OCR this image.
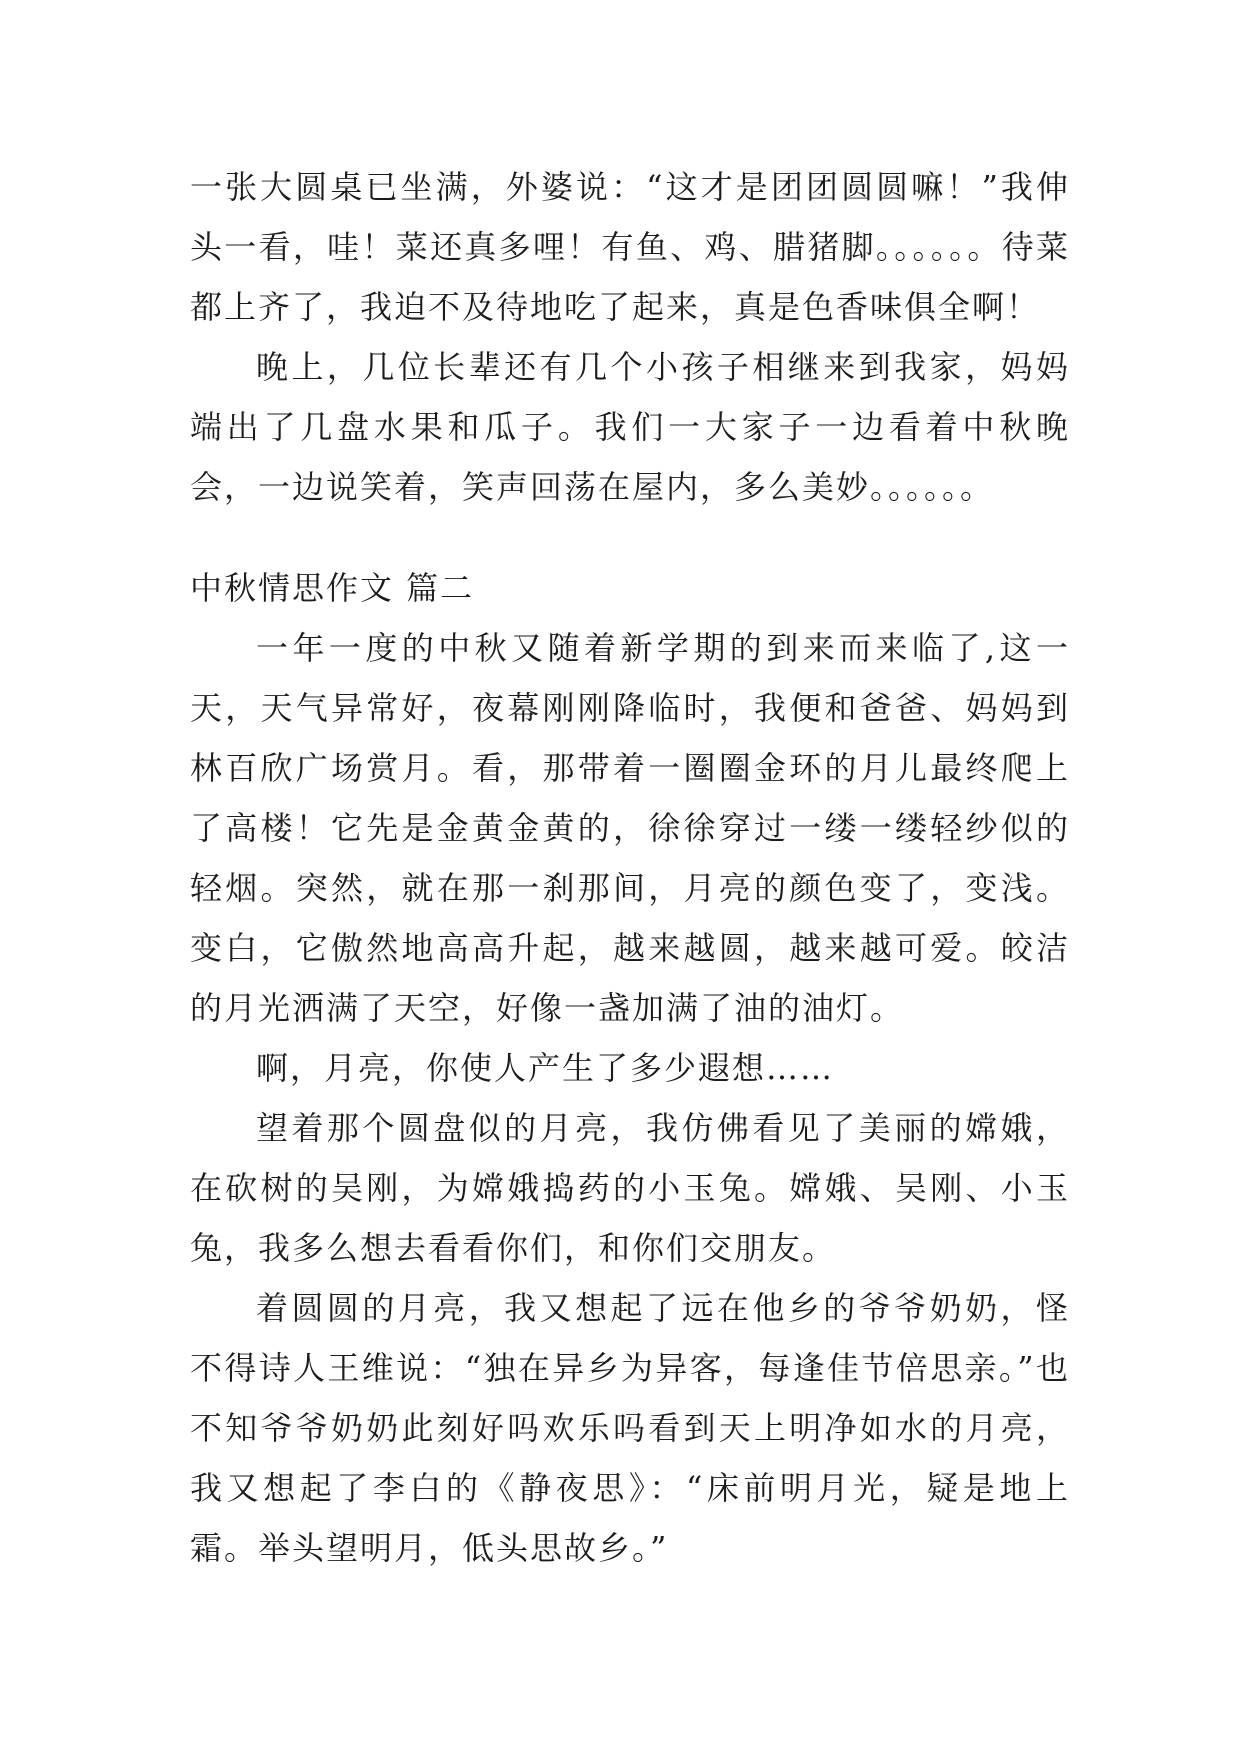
一张大圆桌已坐满，外婆说：“这才是团团圆圆嘛！”我伸头一看，哇！菜还真多哩！有鱼、鸡、腊猪脚。。。。。。待菜都上齐了，我迫不及待地吃了起来，真是色香味俱全啊！

晚上，几位长辈还有几个小孩子相继来到我家，妈妈端出了几盘水果和瓜子。我们一大家子一边看着中秋晚会，一边说笑着，笑声回荡在屋内，多么美妙。。。。。。

中秋情思作文 篇二

一年一度的中秋又随着新学期的到来而来临了,这一天，天气异常好，夜幕刚刚降临时，我便和爸爸、妈妈到林百欣广场赏月。看，那带着一圈圈金环的月儿最终爬上了高楼！它先是金黄金黄的，徐徐穿过一缕一缕轻纱似的轻烟。突然，就在那一刹那间，月亮的颜色变了，变浅。变白，它傲然地高高升起，越来越圆，越来越可爱。皎洁的月光洒满了天空，好像一盏加满了油的油灯。

啊，月亮，你使人产生了多少遐想……

望着那个圆盘似的月亮，我仿佛看见了美丽的嫦娥，在砍树的吴刚，为嫦娥捣药的小玉兔。嫦娥、吴刚、小玉兔，我多么想去看看你们，和你们交朋友。

着圆圆的月亮，我又想起了远在他乡的爷爷奶奶，怪不得诗人王维说：“独在异乡为异客，每逢佳节倍思亲。”也不知爷爷奶奶此刻好吗欢乐吗看到天上明净如水的月亮，我又想起了李白的《静夜思》：“床前明月光，疑是地上霜。举头望明月，低头思故乡。”
